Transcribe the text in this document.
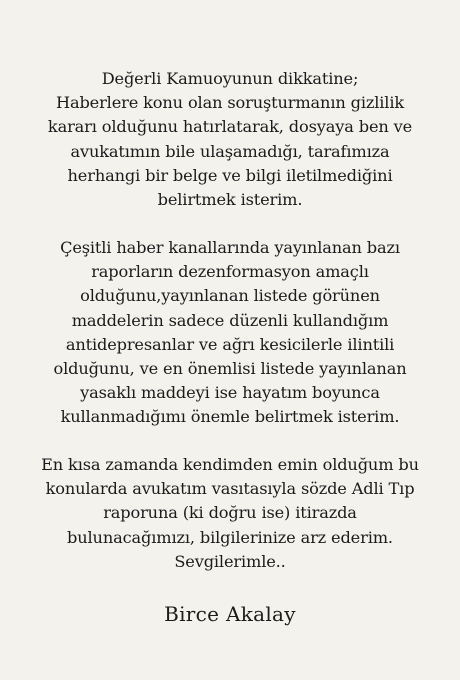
Değerli Kamuoyunun dikkatine;
Haberlere konu olan soruşturmanın gizlilik
kararı olduğunu hatırlatarak, dosyaya ben ve
avukatımın bile ulaşamadığı, tarafımıza
herhangi bir belge ve bilgi iletilmediğini
belirtmek isterim.

Çeşitli haber kanallarında yayınlanan bazı
raporların dezenformasyon amaçlı
olduğunu,yayınlanan listede görünen
maddelerin sadece düzenli kullandığım
antidepresanlar ve ağrı kesicilerle ilintili
olduğunu, ve en önemlisi listede yayınlanan
yasaklı maddeyi ise hayatım boyunca
kullanmadığımı önemle belirtmek isterim.

En kısa zamanda kendimden emin olduğum bu
konularda avukatım vasıtasıyla sözde Adli Tıp
raporuna (ki doğru ise) itirazda
bulunacağımızı, bilgilerinize arz ederim.
Sevgilerimle..

Birce Akalay
